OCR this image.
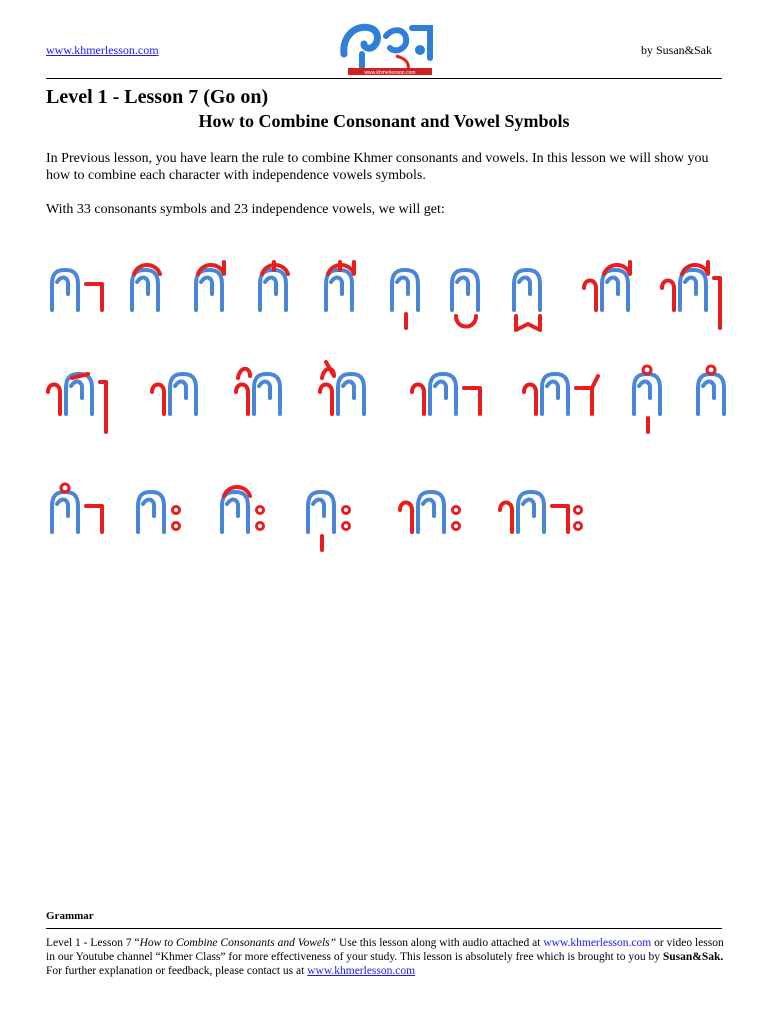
www.khmerlesson.com
www.khmerlesson.com
by Susan&Sak
Level 1 - Lesson 7 (Go on)
How to Combine Consonant and Vowel Symbols

In Previous lesson, you have learn the rule to combine Khmer consonants and vowels. In this lesson we will show you how to combine each character with independence vowels symbols.

With 33 consonants symbols and 23 independence vowels, we will get:

Grammar

Level 1 - Lesson 7 “How to Combine Consonants and Vowels” Use this lesson along with audio attached at www.khmerlesson.com or video lesson in our Youtube channel “Khmer Class” for more effectiveness of your study. This lesson is absolutely free which is brought to you by Susan&Sak. For further explanation or feedback, please contact us at www.khmerlesson.com
